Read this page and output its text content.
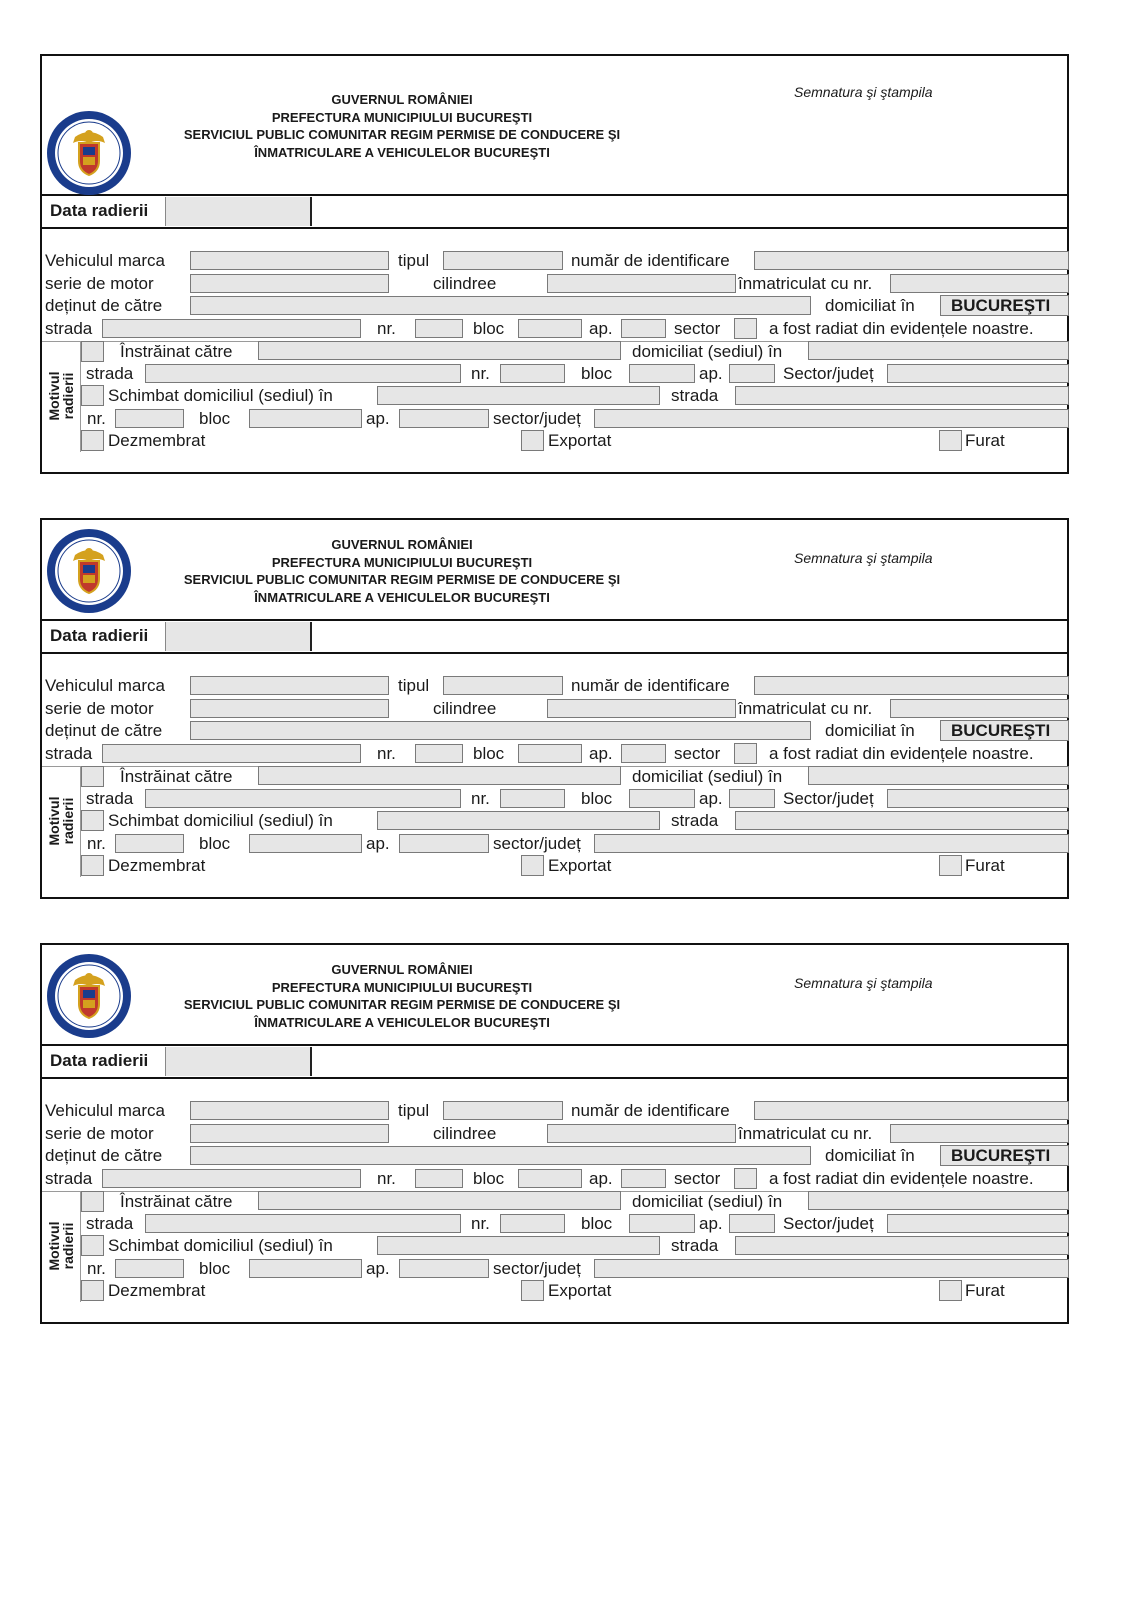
GUVERNUL ROMÂNIEI
PREFECTURA MUNICIPIULUI BUCUREŞTI
SERVICIUL PUBLIC COMUNITAR REGIM PERMISE DE CONDUCERE ŞI
ÎNMATRICULARE A VEHICULELOR BUCUREŞTI
Semnatura şi ştampila
Data radierii
Vehiculul marca	tipul	număr de identificare
serie de motor	cilindree	înmatriculat cu nr.
deținut de către	domiciliat în	BUCUREŞTI
strada	nr.	bloc	ap.	sector	a fost radiat din evidențele noastre.
Motivul
radierii
Înstrăinat către	domiciliat (sediul) în
strada	nr.	bloc	ap.	Sector/județ
Schimbat domiciliul (sediul) în	strada
nr.	bloc	ap.	sector/județ
Dezmembrat	Exportat	Furat
GUVERNUL ROMÂNIEI
PREFECTURA MUNICIPIULUI BUCUREŞTI
SERVICIUL PUBLIC COMUNITAR REGIM PERMISE DE CONDUCERE ŞI
ÎNMATRICULARE A VEHICULELOR BUCUREŞTI
Semnatura şi ştampila
Data radierii
Vehiculul marca	tipul	număr de identificare
serie de motor	cilindree	înmatriculat cu nr.
deținut de către	domiciliat în	BUCUREŞTI
strada	nr.	bloc	ap.	sector	a fost radiat din evidențele noastre.
Motivul
radierii
Înstrăinat către	domiciliat (sediul) în
strada	nr.	bloc	ap.	Sector/județ
Schimbat domiciliul (sediul) în	strada
nr.	bloc	ap.	sector/județ
Dezmembrat	Exportat	Furat
GUVERNUL ROMÂNIEI
PREFECTURA MUNICIPIULUI BUCUREŞTI
SERVICIUL PUBLIC COMUNITAR REGIM PERMISE DE CONDUCERE ŞI
ÎNMATRICULARE A VEHICULELOR BUCUREŞTI
Semnatura şi ştampila
Data radierii
Vehiculul marca	tipul	număr de identificare
serie de motor	cilindree	înmatriculat cu nr.
deținut de către	domiciliat în	BUCUREŞTI
strada	nr.	bloc	ap.	sector	a fost radiat din evidențele noastre.
Motivul
radierii
Înstrăinat către	domiciliat (sediul) în
strada	nr.	bloc	ap.	Sector/județ
Schimbat domiciliul (sediul) în	strada
nr.	bloc	ap.	sector/județ
Dezmembrat	Exportat	Furat
